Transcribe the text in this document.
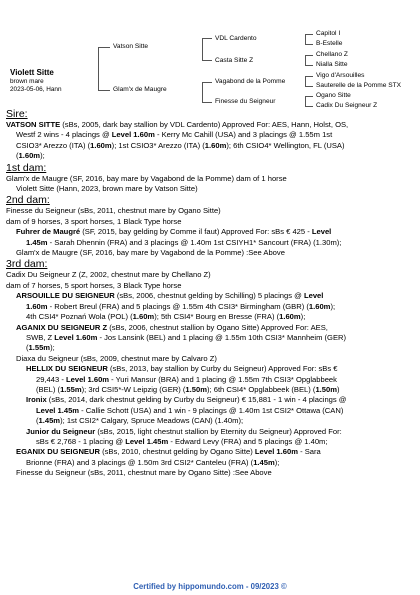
Violett Sitte
brown mare
2023-05-06, Hann
Vatson Sitte
Glam'x de Maugre
VDL Cardento
Casta Sitte Z
Vagabond de la Pomme
Finesse du Seigneur
Capitol I
B-Estelle
Chellano Z
Nialla Sitte
Vigo d'Arsouilles
Sauterelle de la Pomme STX
Ogano Sitte
Cadix Du Seigneur Z

Sire:

VATSON SITTE (sBs, 2005, dark bay stallion by VDL Cardento) Approved For: AES, Hann, Holst, OS,

Westf 2 wins - 4 placings @ Level 1.60m - Kerry Mc Cahill (USA) and 3 placings @ 1.55m 1st

CSIO3* Arezzo (ITA) (1.60m); 1st CSIO3* Arezzo (ITA) (1.60m); 6th CSIO4* Wellington, FL (USA)

(1.60m);

1st dam:

Glam'x de Maugre (SF, 2016, bay mare by Vagabond de la Pomme) dam of 1 horse

Violett Sitte (Hann, 2023, brown mare by Vatson Sitte)

2nd dam:

Finesse du Seigneur (sBs, 2011, chestnut mare by Ogano Sitte)

dam of 9 horses, 3 sport horses, 1 Black Type horse

Fuhrer de Maugré (SF, 2015, bay gelding by Comme il faut) Approved For: sBs € 425 - Level

1.45m - Sarah Dhennin (FRA) and 3 placings @ 1.40m 1st CSIYH1* Sancourt (FRA) (1.30m);

Glam'x de Maugre (SF, 2016, bay mare by Vagabond de la Pomme) :See Above

3rd dam:

Cadix Du Seigneur Z (Z, 2002, chestnut mare by Chellano Z)

dam of 7 horses, 5 sport horses, 3 Black Type horse

ARSOUILLE DU SEIGNEUR (sBs, 2006, chestnut gelding by Schilling) 5 placings @ Level

1.60m - Robert Breul (FRA) and 5 placings @ 1.55m 4th CSI3* Birmingham (GBR) (1.60m);

4th CSI4* Poznań Wola (POL) (1.60m); 5th CSI4* Bourg en Bresse (FRA) (1.60m);

AGANIX DU SEIGNEUR Z (sBs, 2006, chestnut stallion by Ogano Sitte) Approved For: AES,

SWB, Z Level 1.60m - Jos Lansink (BEL) and 1 placing @ 1.55m 10th CSI3* Mannheim (GER)

(1.55m);

Diaxa du Seigneur (sBs, 2009, chestnut mare by Calvaro Z)

HELLIX DU SEIGNEUR (sBs, 2013, bay stallion by Curby du Seigneur) Approved For: sBs €

29,443 - Level 1.60m - Yuri Mansur (BRA) and 1 placing @ 1.55m 7th CSI3* Opglabbeek

(BEL) (1.55m); 3rd CSI5*-W Leipzig (GER) (1.50m); 6th CSI4* Opglabbeek (BEL) (1.50m)

Ironix (sBs, 2014, dark chestnut gelding by Curby du Seigneur) € 15,881 - 1 win - 4 placings @

Level 1.45m - Callie Schott (USA) and 1 win - 9 placings @ 1.40m 1st CSI2* Ottawa (CAN)

(1.45m); 1st CSI2* Calgary, Spruce Meadows (CAN) (1.40m);

Junior du Seigneur (sBs, 2015, light chestnut stallion by Eternity du Seigneur) Approved For:

sBs € 2,768 - 1 placing @ Level 1.45m - Edward Levy (FRA) and 5 placings @ 1.40m;

EGANIX DU SEIGNEUR (sBs, 2010, chestnut gelding by Ogano Sitte) Level 1.60m - Sara

Brionne (FRA) and 3 placings @ 1.50m 3rd CSI2* Canteleu (FRA) (1.45m);

Finesse du Seigneur (sBs, 2011, chestnut mare by Ogano Sitte) :See Above

Certified by hippomundo.com - 09/2023 ©
